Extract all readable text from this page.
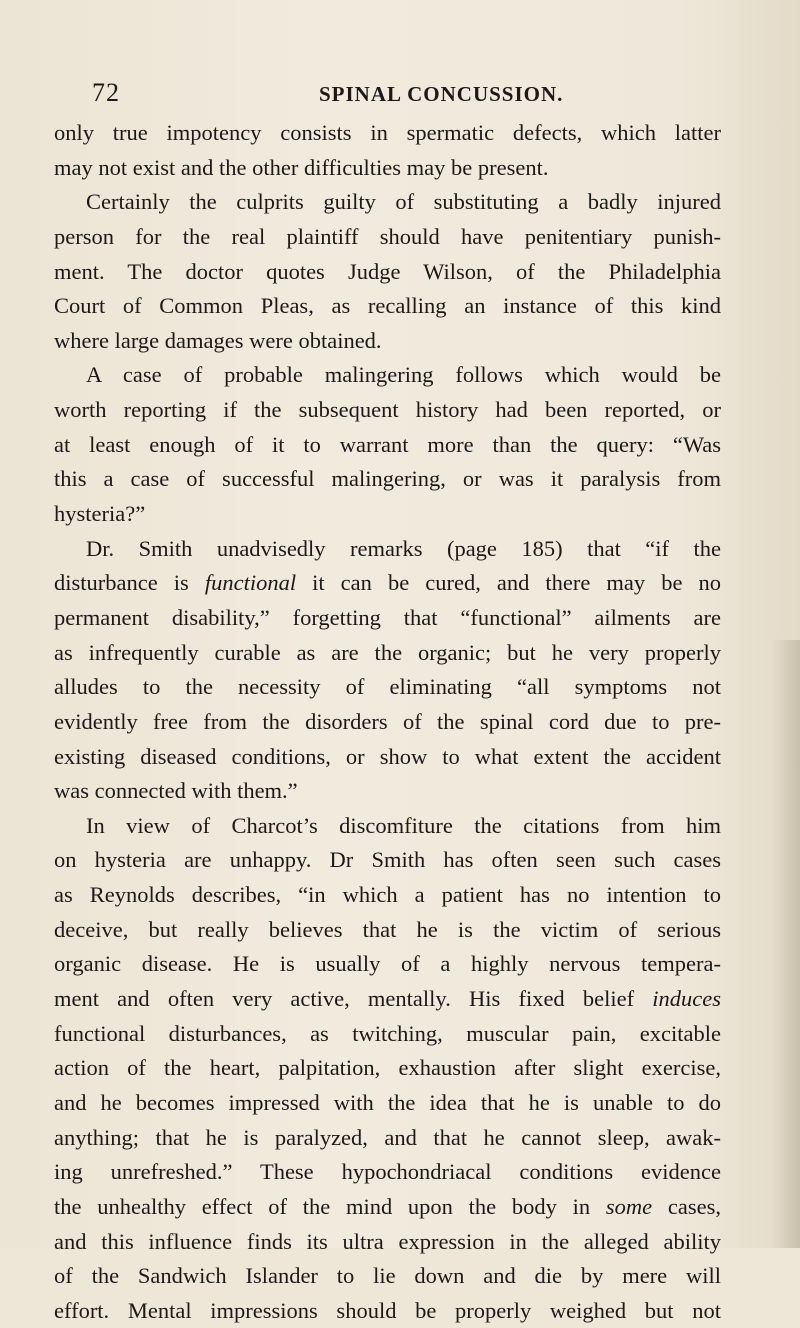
72	SPINAL CONCUSSION.
only true impotency consists in spermatic defects, which latter
may not exist and the other difficulties may be present.
Certainly the culprits guilty of substituting a badly injured
person for the real plaintiff should have penitentiary punish-
ment. The doctor quotes Judge Wilson, of the Philadelphia
Court of Common Pleas, as recalling an instance of this kind
where large damages were obtained.
A case of probable malingering follows which would be
worth reporting if the subsequent history had been reported, or
at least enough of it to warrant more than the query: “Was
this a case of successful malingering, or was it paralysis from
hysteria?”
Dr. Smith unadvisedly remarks (page 185) that “if the
disturbance is functional it can be cured, and there may be no
permanent disability,” forgetting that “functional” ailments are
as infrequently curable as are the organic; but he very properly
alludes to the necessity of eliminating “all symptoms not
evidently free from the disorders of the spinal cord due to pre-
existing diseased conditions, or show to what extent the accident
was connected with them.”
In view of Charcot’s discomfiture the citations from him
on hysteria are unhappy. Dr Smith has often seen such cases
as Reynolds describes, “in which a patient has no intention to
deceive, but really believes that he is the victim of serious
organic disease. He is usually of a highly nervous tempera-
ment and often very active, mentally. His fixed belief induces
functional disturbances, as twitching, muscular pain, excitable
action of the heart, palpitation, exhaustion after slight exercise,
and he becomes impressed with the idea that he is unable to do
anything; that he is paralyzed, and that he cannot sleep, awak-
ing unrefreshed.” These hypochondriacal conditions evidence
the unhealthy effect of the mind upon the body in some cases,
and this influence finds its ultra expression in the alleged ability
of the Sandwich Islander to lie down and die by mere will
effort. Mental impressions should be properly weighed but not
